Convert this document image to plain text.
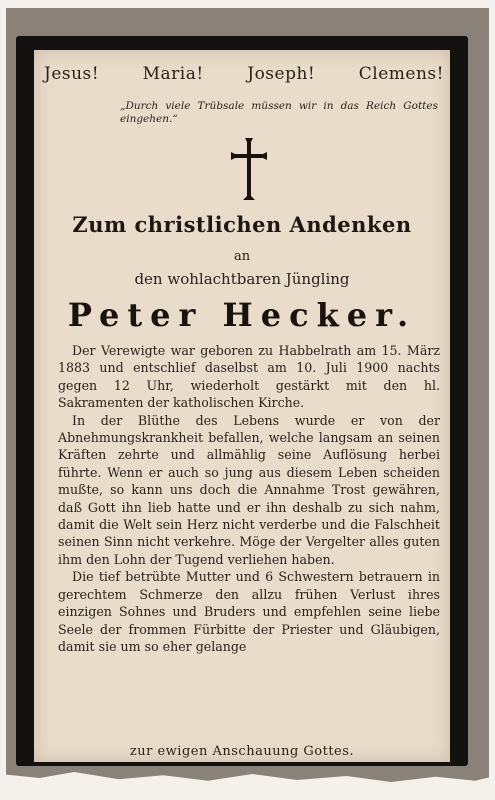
Jesus!	Maria!	Joseph!	Clemens!
„Durch viele Trübsale müssen wir in das Reich Gottes eingehen.“
Zum christlichen Andenken
an
den wohlachtbaren Jüngling
Peter Hecker.

Der Verewigte war geboren zu Habbelrath am 15. März 1883 und entschlief daselbst am 10. Juli 1900 nachts gegen 12 Uhr, wiederholt gestärkt mit den hl. Sakramenten der katholischen Kirche.

In der Blüthe des Lebens wurde er von der Abnehmungskrankheit befallen, welche langsam an seinen Kräften zehrte und allmählig seine Auflösung herbei führte. Wenn er auch so jung aus diesem Leben scheiden mußte, so kann uns doch die Annahme Trost gewähren, daß Gott ihn lieb hatte und er ihn deshalb zu sich nahm, damit die Welt sein Herz nicht verderbe und die Falschheit seinen Sinn nicht verkehre. Möge der Vergelter alles guten ihm den Lohn der Tugend verliehen haben.

Die tief betrübte Mutter und 6 Schwestern betrauern in gerechtem Schmerze den allzu frühen Verlust ihres einzigen Sohnes und Bruders und empfehlen seine liebe Seele der frommen Fürbitte der Priester und Gläubigen, damit sie um so eher gelange

zur ewigen Anschauung Gottes.
